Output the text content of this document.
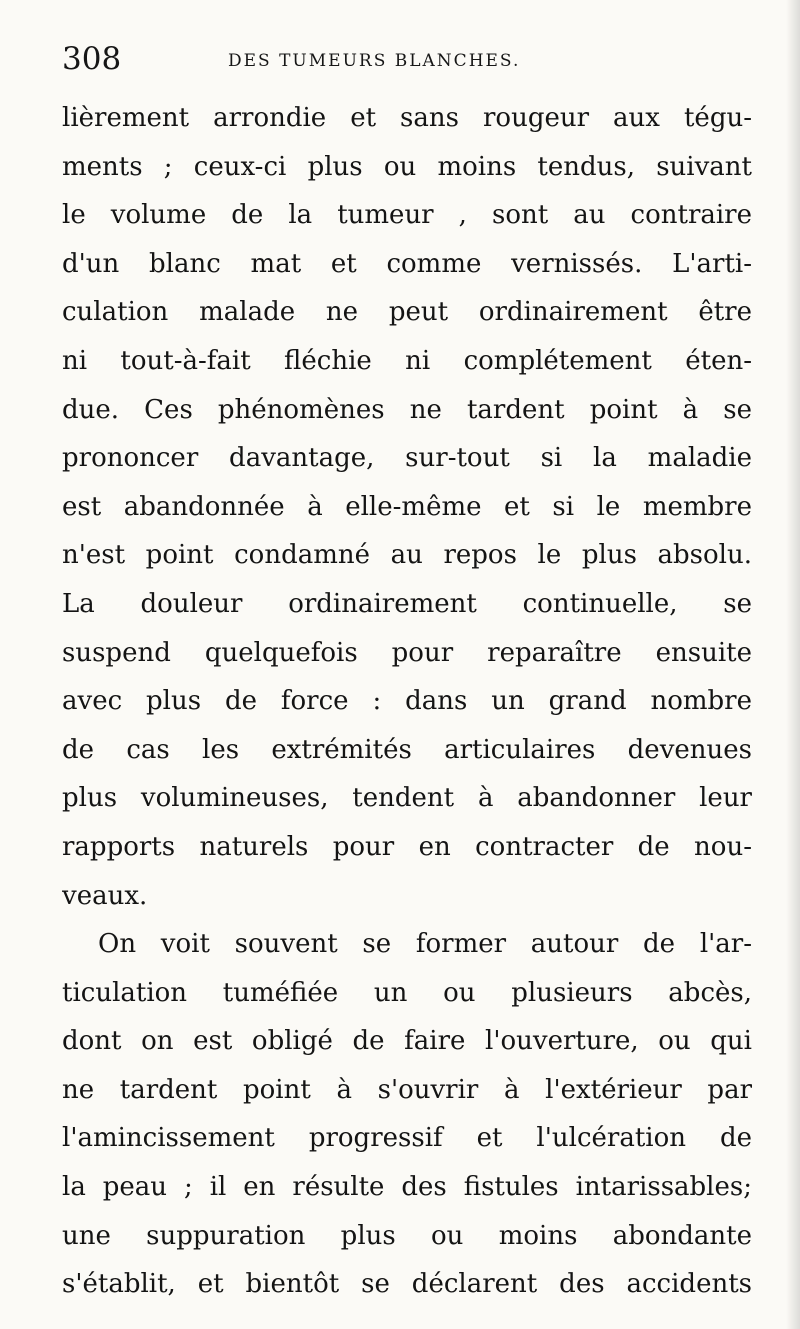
308	DES TUMEURS BLANCHES.
lièrement arrondie et sans rougeur aux tégu-
ments ; ceux-ci plus ou moins tendus, suivant
le volume de la tumeur , sont au contraire
d'un blanc mat et comme vernissés. L'arti-
culation malade ne peut ordinairement être
ni tout-à-fait fléchie ni complétement éten-
due. Ces phénomènes ne tardent point à se
prononcer davantage, sur-tout si la maladie
est abandonnée à elle-même et si le membre
n'est point condamné au repos le plus absolu.
La douleur ordinairement continuelle, se
suspend quelquefois pour reparaître ensuite
avec plus de force : dans un grand nombre
de cas les extrémités articulaires devenues
plus volumineuses, tendent à abandonner leur
rapports naturels pour en contracter de nou-
veaux.
On voit souvent se former autour de l'ar-
ticulation tuméfiée un ou plusieurs abcès,
dont on est obligé de faire l'ouverture, ou qui
ne tardent point à s'ouvrir à l'extérieur par
l'amincissement progressif et l'ulcération de
la peau ; il en résulte des fistules intarissables;
une suppuration plus ou moins abondante
s'établit, et bientôt se déclarent des accidents
